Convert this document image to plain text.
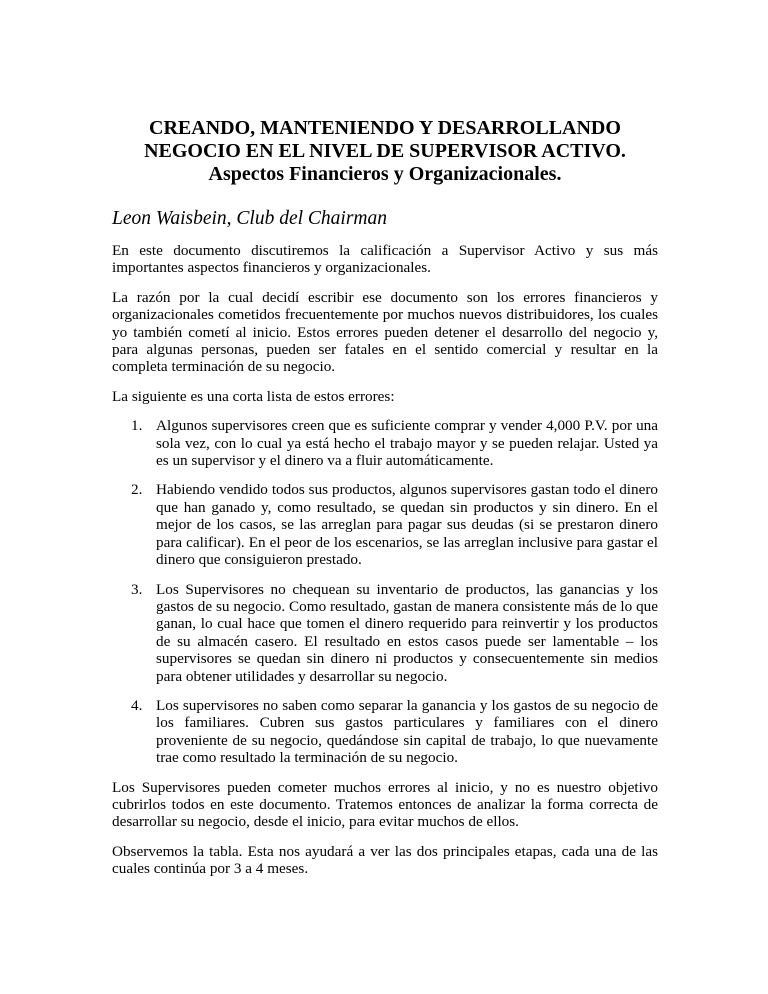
CREANDO, MANTENIENDO Y DESARROLLANDO
NEGOCIO EN EL NIVEL DE SUPERVISOR ACTIVO.

Aspectos Financieros y Organizacionales.

Leon Waisbein, Club del Chairman

En este documento discutiremos la calificación a Supervisor Activo y sus más importantes aspectos financieros y organizacionales.

La razón por la cual decidí escribir ese documento son los errores financieros y organizacionales cometidos frecuentemente por muchos nuevos distribuidores, los cuales yo también cometí al inicio. Estos errores pueden detener el desarrollo del negocio y, para algunas personas, pueden ser fatales en el sentido comercial y resultar en la completa terminación de su negocio.

La siguiente es una corta lista de estos errores:

1. Algunos supervisores creen que es suficiente comprar y vender 4,000 P.V. por una sola vez, con lo cual ya está hecho el trabajo mayor y se pueden relajar. Usted ya es un supervisor y el dinero va a fluir automáticamente.
2. Habiendo vendido todos sus productos, algunos supervisores gastan todo el dinero que han ganado y, como resultado, se quedan sin productos y sin dinero. En el mejor de los casos, se las arreglan para pagar sus deudas (si se prestaron dinero para calificar). En el peor de los escenarios, se las arreglan inclusive para gastar el dinero que consiguieron prestado.
3. Los Supervisores no chequean su inventario de productos, las ganancias y los gastos de su negocio. Como resultado, gastan de manera consistente más de lo que ganan, lo cual hace que tomen el dinero requerido para reinvertir y los productos de su almacén casero. El resultado en estos casos puede ser lamentable – los supervisores se quedan sin dinero ni productos y consecuentemente sin medios para obtener utilidades y desarrollar su negocio.
4. Los supervisores no saben como separar la ganancia y los gastos de su negocio de los familiares. Cubren sus gastos particulares y familiares con el dinero proveniente de su negocio, quedándose sin capital de trabajo, lo que nuevamente trae como resultado la terminación de su negocio.

Los Supervisores pueden cometer muchos errores al inicio, y no es nuestro objetivo cubrirlos todos en este documento. Tratemos entonces de analizar la forma correcta de desarrollar su negocio, desde el inicio, para evitar muchos de ellos.

Observemos la tabla. Esta nos ayudará a ver las dos principales etapas, cada una de las cuales continúa por 3 a 4 meses.
